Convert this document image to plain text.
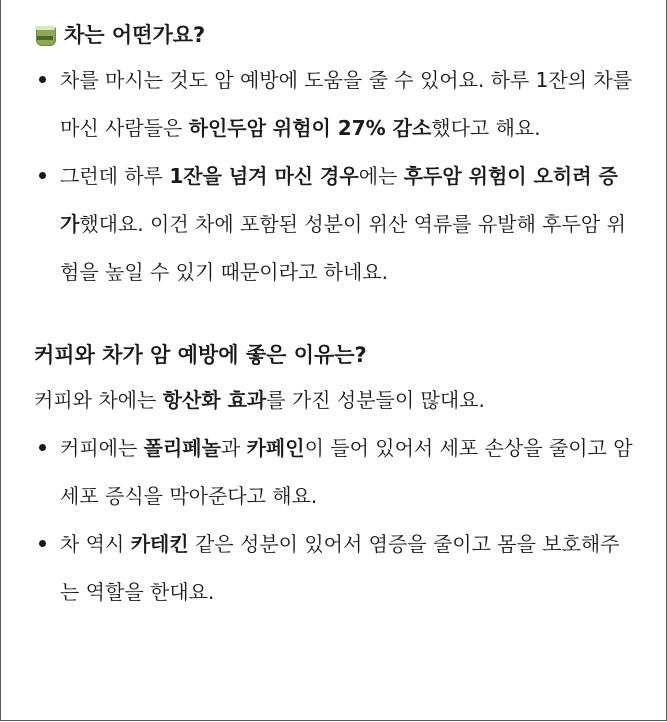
차는 어떤가요?
차를 마시는 것도 암 예방에 도움을 줄 수 있어요. 하루 1잔의 차를 마신 사람들은 하인두암 위험이 27% 감소했다고 해요.
그런데 하루 1잔을 넘겨 마신 경우에는 후두암 위험이 오히려 증가했대요. 이건 차에 포함된 성분이 위산 역류를 유발해 후두암 위험을 높일 수 있기 때문이라고 하네요.
커피와 차가 암 예방에 좋은 이유는?
커피와 차에는 항산화 효과를 가진 성분들이 많대요.
커피에는 폴리페놀과 카페인이 들어 있어서 세포 손상을 줄이고 암세포 증식을 막아준다고 해요.
차 역시 카테킨 같은 성분이 있어서 염증을 줄이고 몸을 보호해주는 역할을 한대요.
